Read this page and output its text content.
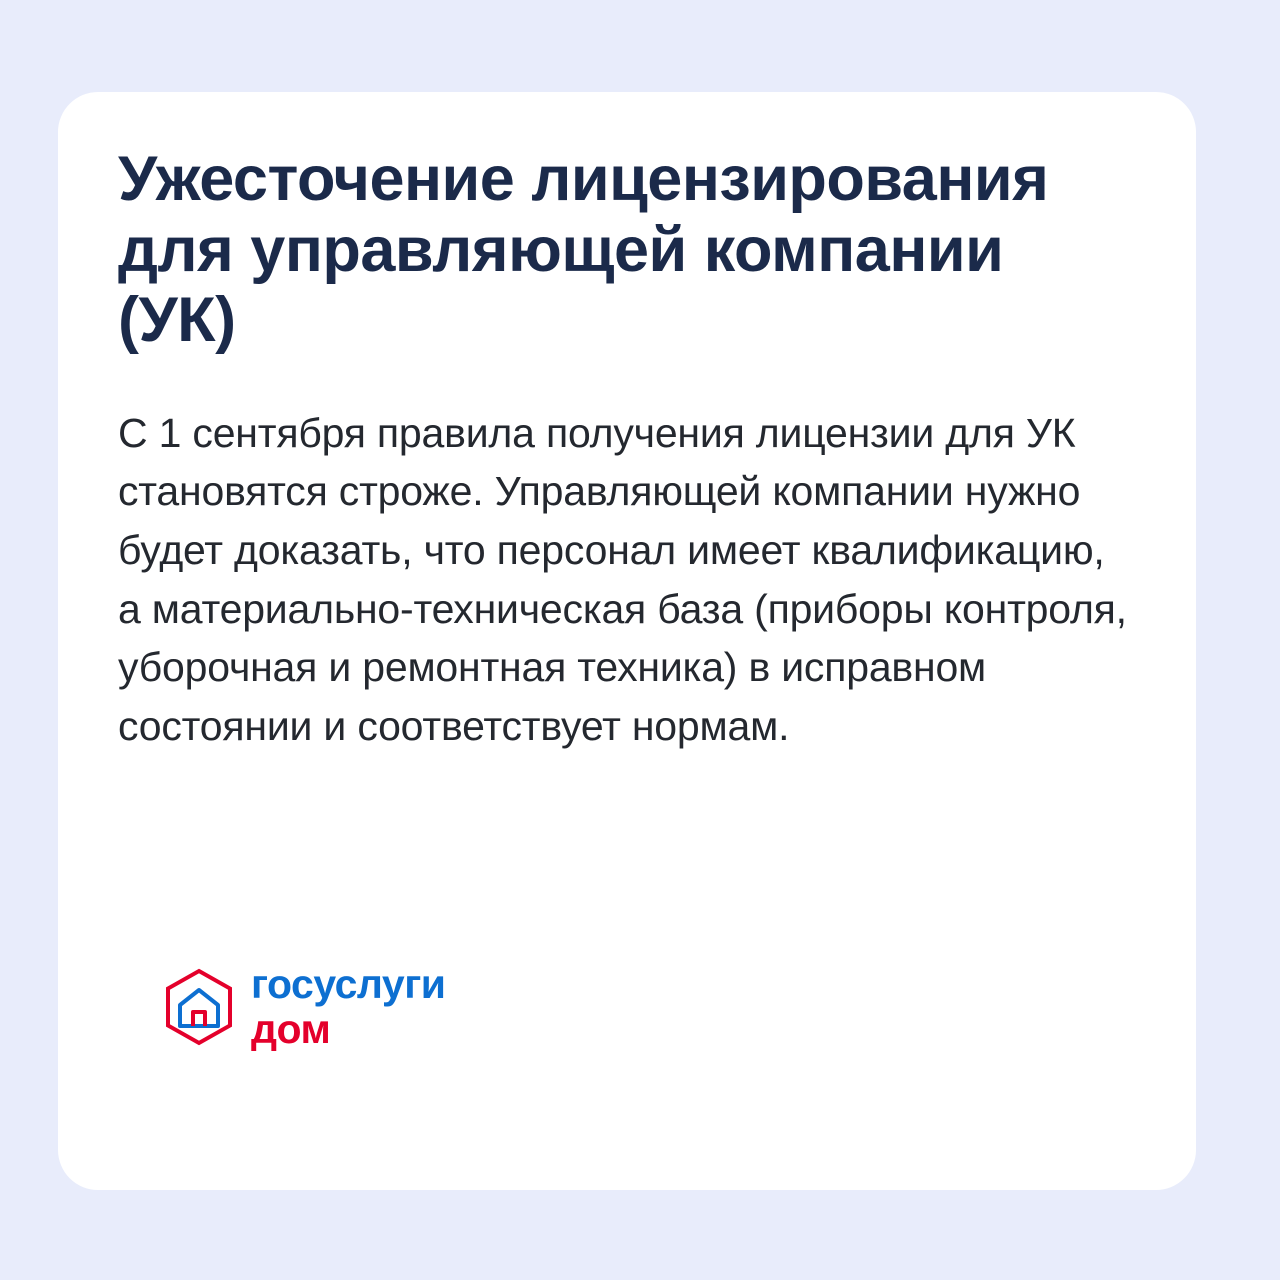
Ужесточение лицензирования для управляющей компании (УК)

С 1 сентября правила получения лицензии для УК становятся строже. Управляющей компании нужно будет доказать, что персонал имеет квалификацию, а материально-техническая база (приборы контроля, уборочная и ремонтная техника) в исправном состоянии и соответствует нормам.

госуслуги
дом
